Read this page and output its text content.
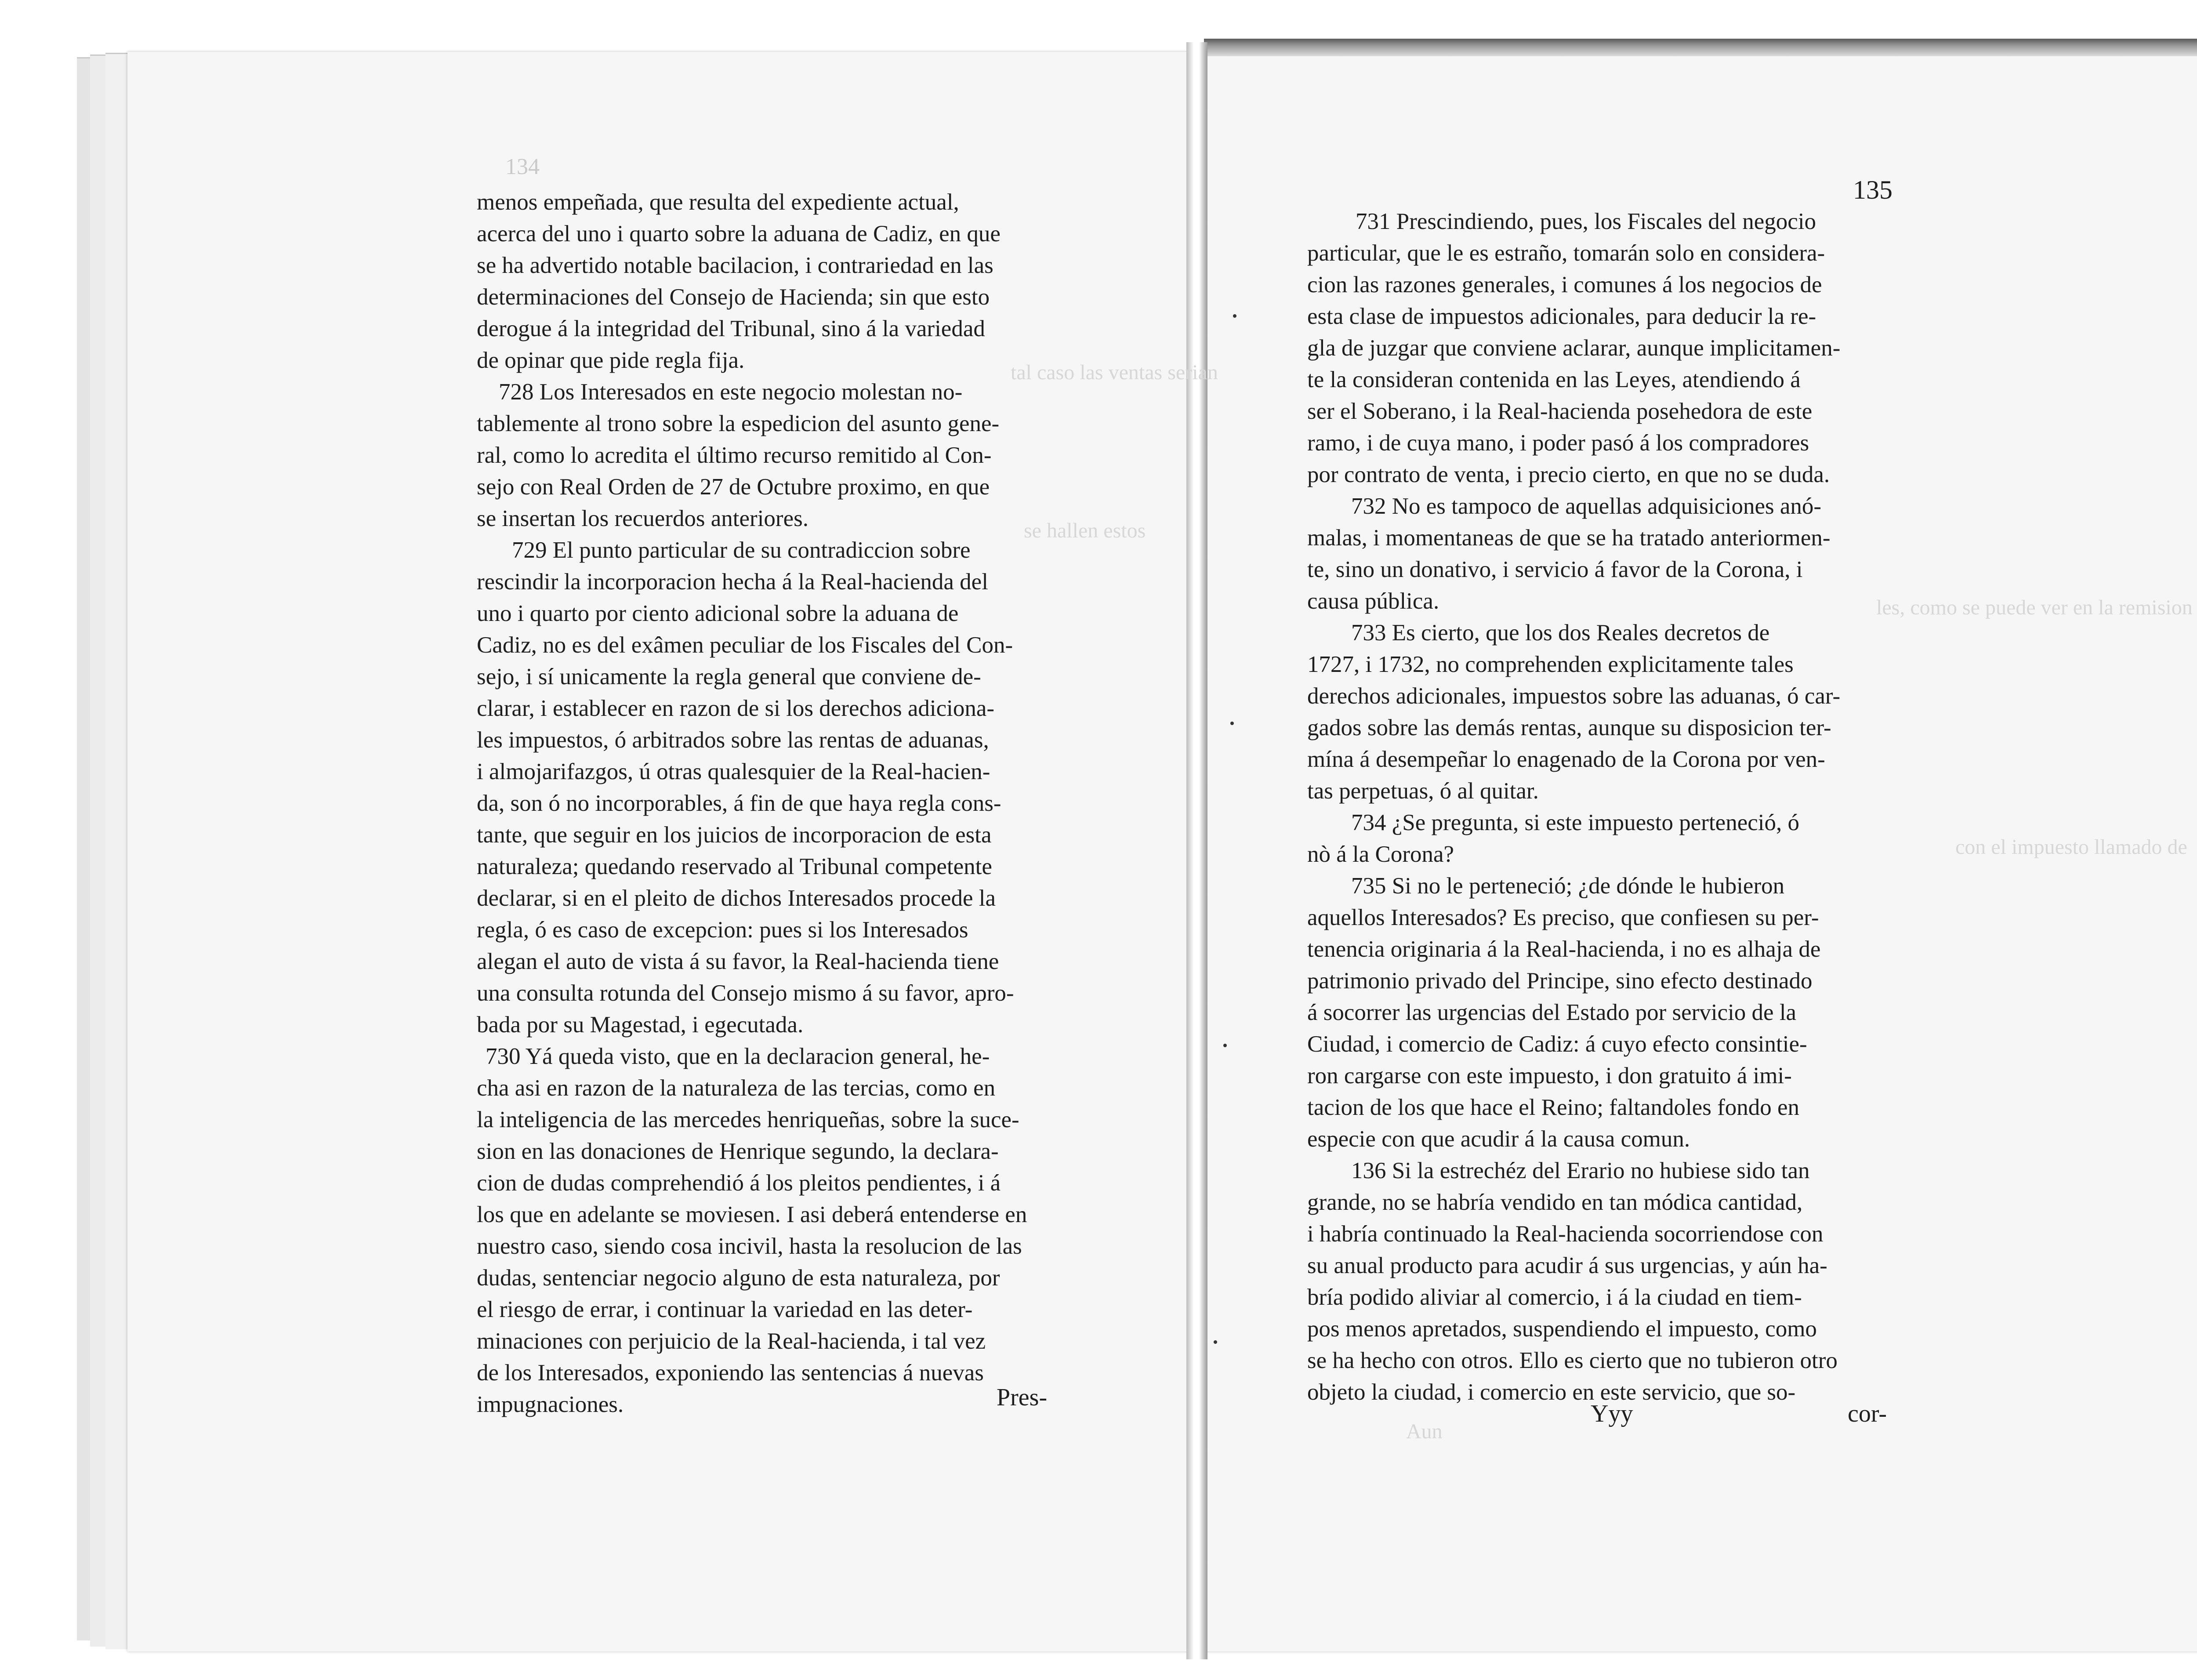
tal caso las ventas serian
se hallen estos
les, como se puede ver en la remision
con el impuesto llamado de
Aun
134
menos empeñada, que resulta del expediente actual,
acerca del uno i quarto sobre la aduana de Cadiz, en que
se ha advertido notable bacilacion, i contrariedad en las
determinaciones del Consejo de Hacienda; sin que esto
derogue á la integridad del Tribunal, sino á la variedad
de opinar que pide regla fija.
728 Los Interesados en este negocio molestan no-
tablemente al trono sobre la espedicion del asunto gene-
ral, como lo acredita el último recurso remitido al Con-
sejo con Real Orden de 27 de Octubre proximo, en que
se insertan los recuerdos anteriores.
729 El punto particular de su contradiccion sobre
rescindir la incorporacion hecha á la Real-hacienda del
uno i quarto por ciento adicional sobre la aduana de
Cadiz, no es del exâmen peculiar de los Fiscales del Con-
sejo, i sí unicamente la regla general que conviene de-
clarar, i establecer en razon de si los derechos adiciona-
les impuestos, ó arbitrados sobre las rentas de aduanas,
i almojarifazgos, ú otras qualesquier de la Real-hacien-
da, son ó no incorporables, á fin de que haya regla cons-
tante, que seguir en los juicios de incorporacion de esta
naturaleza; quedando reservado al Tribunal competente
declarar, si en el pleito de dichos Interesados procede la
regla, ó es caso de excepcion: pues si los Interesados
alegan el auto de vista á su favor, la Real-hacienda tiene
una consulta rotunda del Consejo mismo á su favor, apro-
bada por su Magestad, i egecutada.
730 Yá queda visto, que en la declaracion general, he-
cha asi en razon de la naturaleza de las tercias, como en
la inteligencia de las mercedes henriqueñas, sobre la suce-
sion en las donaciones de Henrique segundo, la declara-
cion de dudas comprehendió á los pleitos pendientes, i á
los que en adelante se moviesen. I asi deberá entenderse en
nuestro caso, siendo cosa incivil, hasta la resolucion de las
dudas, sentenciar negocio alguno de esta naturaleza, por
el riesgo de errar, i continuar la variedad en las deter-
minaciones con perjuicio de la Real-hacienda, i tal vez
de los Interesados, exponiendo las sentencias á nuevas
impugnaciones.	Pres-
135
731 Prescindiendo, pues, los Fiscales del negocio
particular, que le es estraño, tomarán solo en considera-
cion las razones generales, i comunes á los negocios de
esta clase de impuestos adicionales, para deducir la re-
gla de juzgar que conviene aclarar, aunque implicitamen-
te la consideran contenida en las Leyes, atendiendo á
ser el Soberano, i la Real-hacienda posehedora de este
ramo, i de cuya mano, i poder pasó á los compradores
por contrato de venta, i precio cierto, en que no se duda.
732 No es tampoco de aquellas adquisiciones anó-
malas, i momentaneas de que se ha tratado anteriormen-
te, sino un donativo, i servicio á favor de la Corona, i
causa pública.
733 Es cierto, que los dos Reales decretos de
1727, i 1732, no comprehenden explicitamente tales
derechos adicionales, impuestos sobre las aduanas, ó car-
gados sobre las demás rentas, aunque su disposicion ter-
mína á desempeñar lo enagenado de la Corona por ven-
tas perpetuas, ó al quitar.
734 ¿Se pregunta, si este impuesto perteneció, ó
nò á la Corona?
735 Si no le perteneció; ¿de dónde le hubieron
aquellos Interesados? Es preciso, que confiesen su per-
tenencia originaria á la Real-hacienda, i no es alhaja de
patrimonio privado del Principe, sino efecto destinado
á socorrer las urgencias del Estado por servicio de la
Ciudad, i comercio de Cadiz: á cuyo efecto consintie-
ron cargarse con este impuesto, i don gratuito á imi-
tacion de los que hace el Reino; faltandoles fondo en
especie con que acudir á la causa comun.
136 Si la estrechéz del Erario no hubiese sido tan
grande, no se habría vendido en tan módica cantidad,
i habría continuado la Real-hacienda socorriendose con
su anual producto para acudir á sus urgencias, y aún ha-
bría podido aliviar al comercio, i á la ciudad en tiem-
pos menos apretados, suspendiendo el impuesto, como
se ha hecho con otros. Ello es cierto que no tubieron otro
objeto la ciudad, i comercio en este servicio, que so-
Yyy	cor-
